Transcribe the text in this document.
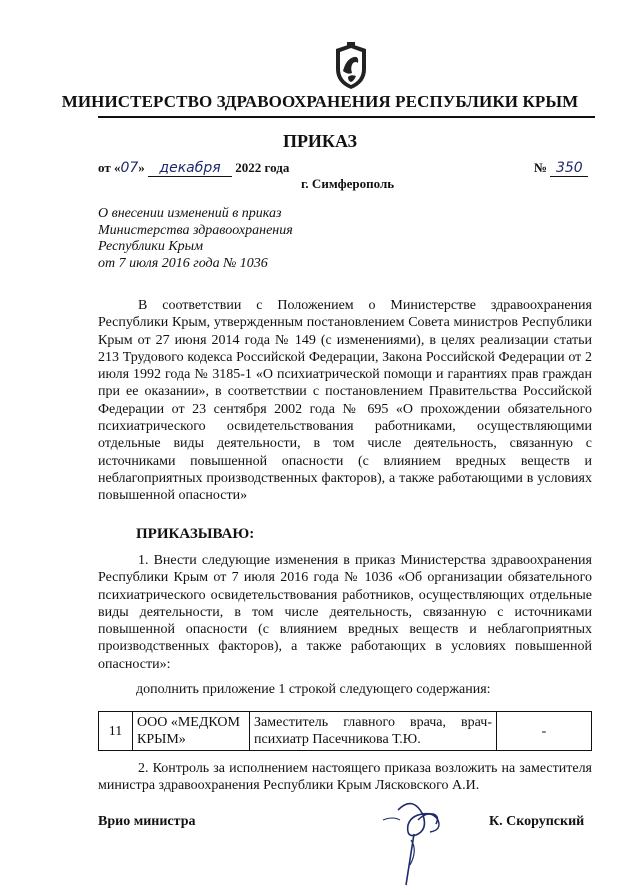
МИНИСТЕРСТВО ЗДРАВООХРАНЕНИЯ РЕСПУБЛИКИ КРЫМ
ПРИКАЗ
от «07» декабря 2022 года	№ 350
г. Симферополь
О внесении изменений в приказ
Министерства здравоохранения
Республики Крым
от 7 июля 2016 года № 1036
В соответствии с Положением о Министерстве здравоохранения Республики Крым, утвержденным постановлением Совета министров Республики Крым от 27 июня 2014 года № 149 (с изменениями), в целях реализации статьи 213 Трудового кодекса Российской Федерации, Закона Российской Федерации от 2 июля 1992 года № 3185-1 «О психиатрической помощи и гарантиях прав граждан при ее оказании», в соответствии с постановлением Правительства Российской Федерации от 23 сентября 2002 года № 695 «О прохождении обязательного психиатрического освидетельствования работниками, осуществляющими отдельные виды деятельности, в том числе деятельность, связанную с источниками повышенной опасности (с влиянием вредных веществ и неблагоприятных производственных факторов), а также работающими в условиях повышенной опасности»
ПРИКАЗЫВАЮ:
1. Внести следующие изменения в приказ Министерства здравоохранения Республики Крым от 7 июля 2016 года № 1036 «Об организации обязательного психиатрического освидетельствования работников, осуществляющих отдельные виды деятельности, в том числе деятельность, связанную с источниками повышенной опасности (с влиянием вредных веществ и неблагоприятных производственных факторов), а также работающих в условиях повышенной опасности»:
дополнить приложение 1 строкой следующего содержания:
11	ООО «МЕДКОМ КРЫМ»	Заместитель главного врача, врач-психиатр Пасечникова Т.Ю.	-
2. Контроль за исполнением настоящего приказа возложить на заместителя министра здравоохранения Республики Крым Лясковского А.И.
Врио министра	К. Скорупский
